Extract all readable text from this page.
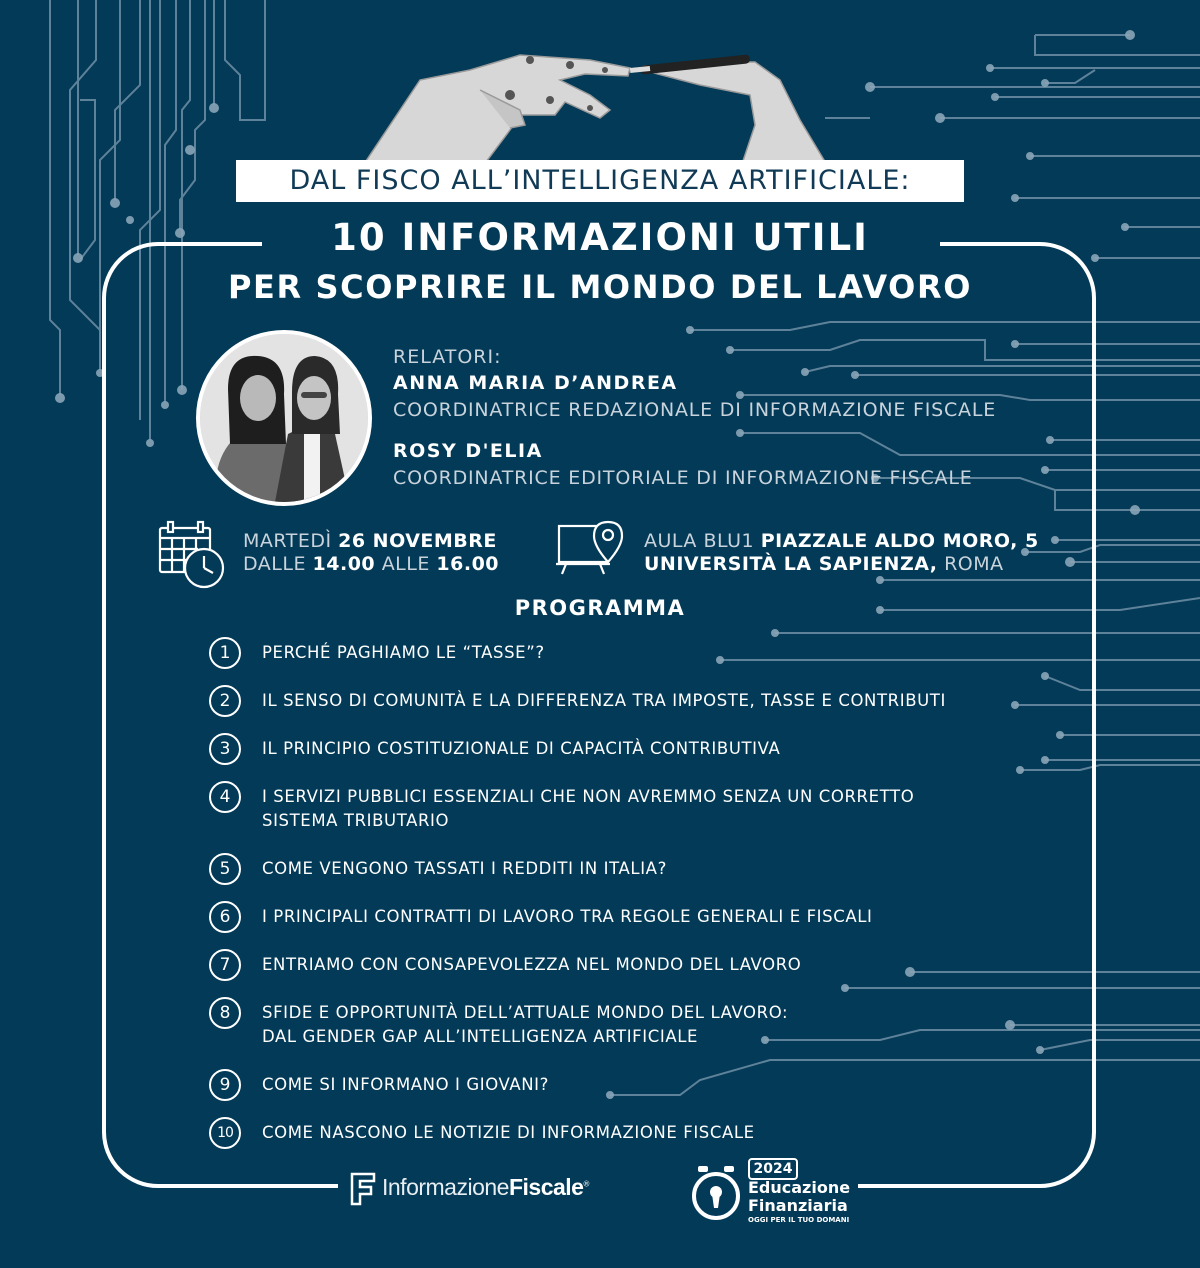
DAL FISCO ALL’INTELLIGENZA ARTIFICIALE:
10 INFORMAZIONI UTILI
PER SCOPRIRE IL MONDO DEL LAVORO
RELATORI:
ANNA MARIA D’ANDREA
COORDINATRICE REDAZIONALE DI INFORMAZIONE FISCALE
ROSY D'ELIA
COORDINATRICE EDITORIALE DI INFORMAZIONE FISCALE
MARTEDÌ 26 NOVEMBRE
DALLE 14.00 ALLE 16.00
AULA BLU1 PIAZZALE ALDO MORO, 5
UNIVERSITÀ LA SAPIENZA, ROMA
PROGRAMMA
1	PERCHÉ PAGHIAMO LE “TASSE”?
2	IL SENSO DI COMUNITÀ E LA DIFFERENZA TRA IMPOSTE, TASSE E CONTRIBUTI
3	IL PRINCIPIO COSTITUZIONALE DI CAPACITÀ CONTRIBUTIVA
4	I SERVIZI PUBBLICI ESSENZIALI CHE NON AVREMMO SENZA UN CORRETTO
SISTEMA TRIBUTARIO
5	COME VENGONO TASSATI I REDDITI IN ITALIA?
6	I PRINCIPALI CONTRATTI DI LAVORO TRA REGOLE GENERALI E FISCALI
7	ENTRIAMO CON CONSAPEVOLEZZA NEL MONDO DEL LAVORO
8	SFIDE E OPPORTUNITÀ DELL’ATTUALE MONDO DEL LAVORO:
DAL GENDER GAP ALL’INTELLIGENZA ARTIFICIALE
9	COME SI INFORMANO I GIOVANI?
10	COME NASCONO LE NOTIZIE DI INFORMAZIONE FISCALE
InformazioneFiscale®
2024
Educazione
Finanziaria
OGGI PER IL TUO DOMANI
